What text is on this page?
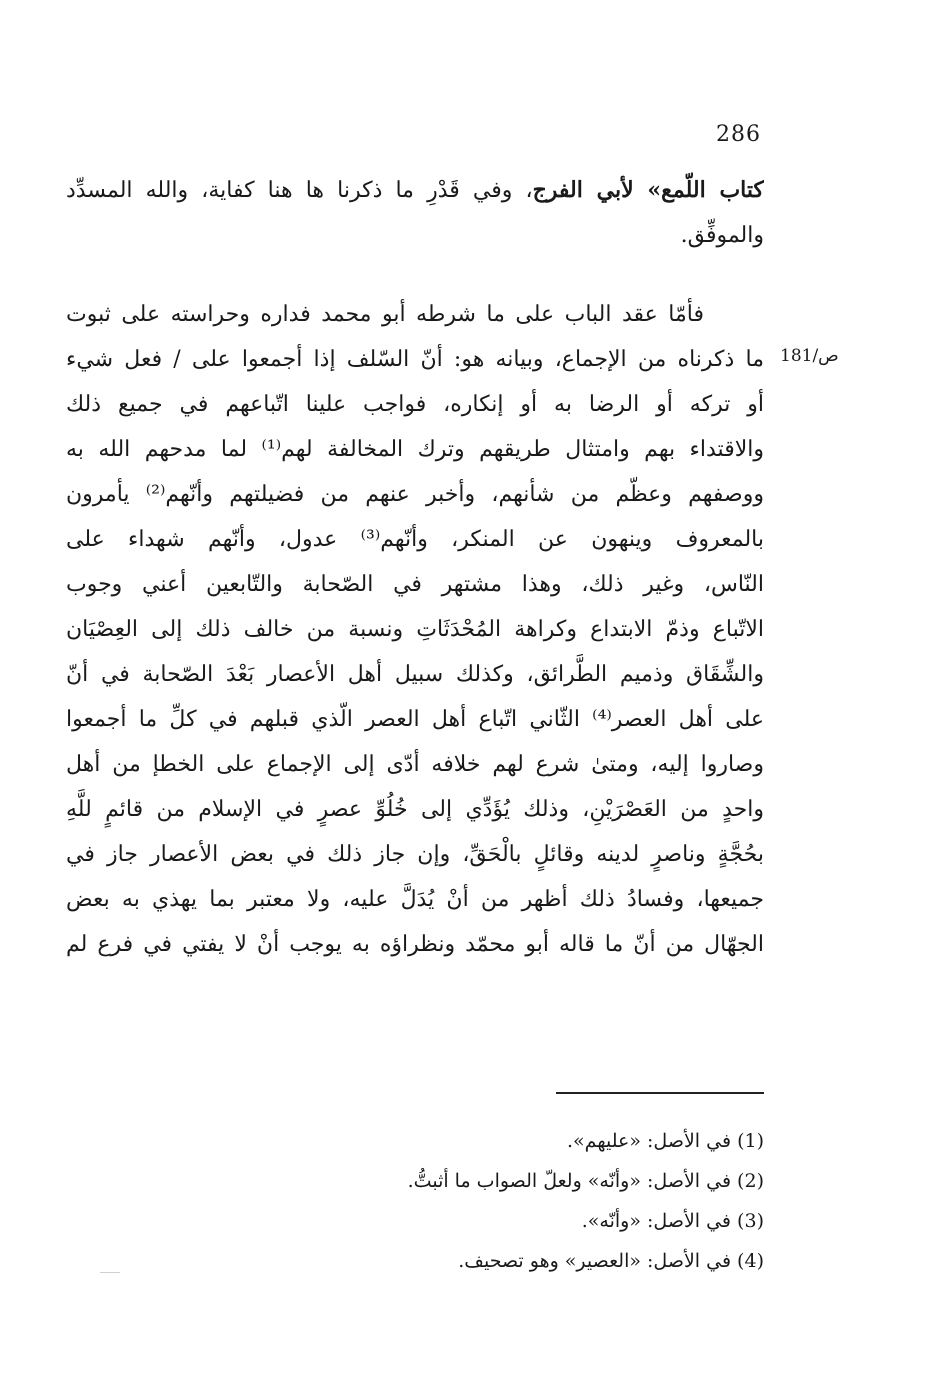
286
ص/181
كتاب اللّمع» لأبي الفرج، وفي قَدْرِ ما ذكرنا ها هنا كفاية، والله المسدِّد
والموفِّق.
فأمّا عقد الباب على ما شرطه أبو محمد فداره وحراسته على ثبوت
ما ذكرناه من الإجماع، وبيانه هو: أنّ السّلف إذا أجمعوا على / فعل شيء
أو تركه أو الرضا به أو إنكاره، فواجب علينا اتّباعهم في جميع ذلك
والاقتداء بهم وامتثال طريقهم وترك المخالفة لهم⁽¹⁾ لما مدحهم الله به
ووصفهم وعظّم من شأنهم، وأخبر عنهم من فضيلتهم وأنّهم⁽²⁾ يأمرون
بالمعروف وينهون عن المنكر، وأنّهم⁽³⁾ عدول، وأنّهم شهداء على
النّاس، وغير ذلك، وهذا مشتهر في الصّحابة والتّابعين أعني وجوب
الاتّباع وذمّ الابتداع وكراهة المُحْدَثَاتِ ونسبة من خالف ذلك إلى العِصْيَان
والشِّقَاق وذميم الطَّرائق، وكذلك سبيل أهل الأعصار بَعْدَ الصّحابة في أنّ
على أهل العصر⁽⁴⁾ الثّاني اتّباع أهل العصر الّذي قبلهم في كلِّ ما أجمعوا
وصاروا إليه، ومتىٰ شرع لهم خلافه أدّى إلى الإجماع على الخطإ من أهل
واحدٍ من العَصْرَيْنِ، وذلك يُؤَدِّي إلى خُلُوِّ عصرٍ في الإسلام من قائمٍ للَّهِ
بحُجَّةٍ وناصرٍ لدينه وقائلٍ بالْحَقِّ، وإن جاز ذلك في بعض الأعصار جاز في
جميعها، وفسادُ ذلك أظهر من أنْ يُدَلَّ عليه، ولا معتبر بما يهذي به بعض
الجهّال من أنّ ما قاله أبو محمّد ونظراؤه به يوجب أنْ لا يفتي في فرع لم
(1) في الأصل: «عليهم».
(2) في الأصل: «وأنّه» ولعلّ الصواب ما أثبتُّ.
(3) في الأصل: «وأنّه».
(4) في الأصل: «العصير» وهو تصحيف.
